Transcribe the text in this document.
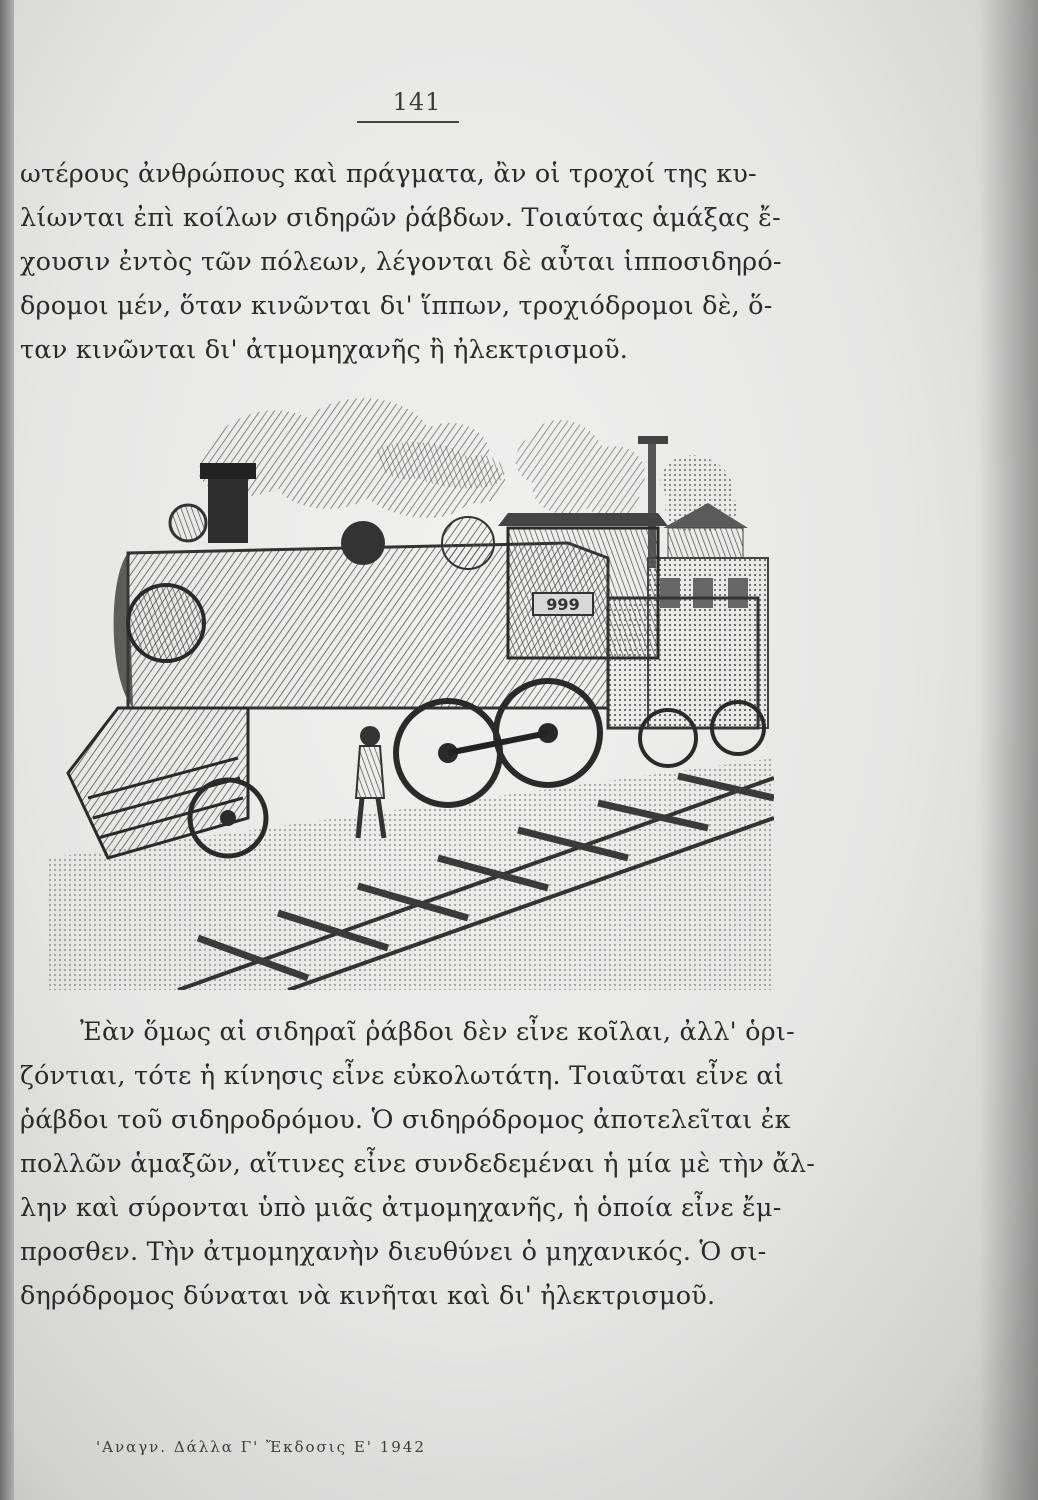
141
ωτέρους ἀνθρώπους καὶ πράγματα, ἂν οἱ τροχοί της κυ-
λίωνται ἐπὶ κοίλων σιδηρῶν ῥάβδων. Τοιαύτας ἁμάξας ἔ-
χουσιν ἐντὸς τῶν πόλεων, λέγονται δὲ αὗται ἱπποσιδηρό-
δρομοι μέν, ὅταν κινῶνται δι' ἵππων, τροχιόδρομοι δὲ, ὅ-
ταν κινῶνται δι' ἀτμομηχανῆς ἢ ἠλεκτρισμοῦ.
999
Ἐὰν ὅμως αἱ σιδηραῖ ῥάβδοι δὲν εἶνε κοῖλαι, ἀλλ' ὁρι-
ζόντιαι, τότε ἡ κίνησις εἶνε εὐκολωτάτη. Τοιαῦται εἶνε αἱ
ῥάβδοι τοῦ σιδηροδρόμου. Ὁ σιδηρόδρομος ἀποτελεῖται ἐκ
πολλῶν ἁμαξῶν, αἵτινες εἶνε συνδεδεμέναι ἡ μία μὲ τὴν ἄλ-
λην καὶ σύρονται ὑπὸ μιᾶς ἀτμομηχανῆς, ἡ ὁποία εἶνε ἔμ-
προσθεν. Τὴν ἀτμομηχανὴν διευθύνει ὁ μηχανικός. Ὁ σι-
δηρόδρομος δύναται νὰ κινῆται καὶ δι' ἠλεκτρισμοῦ.
'Αναγν. Δάλλα Γ' Ἔκδοσις Ε' 1942
